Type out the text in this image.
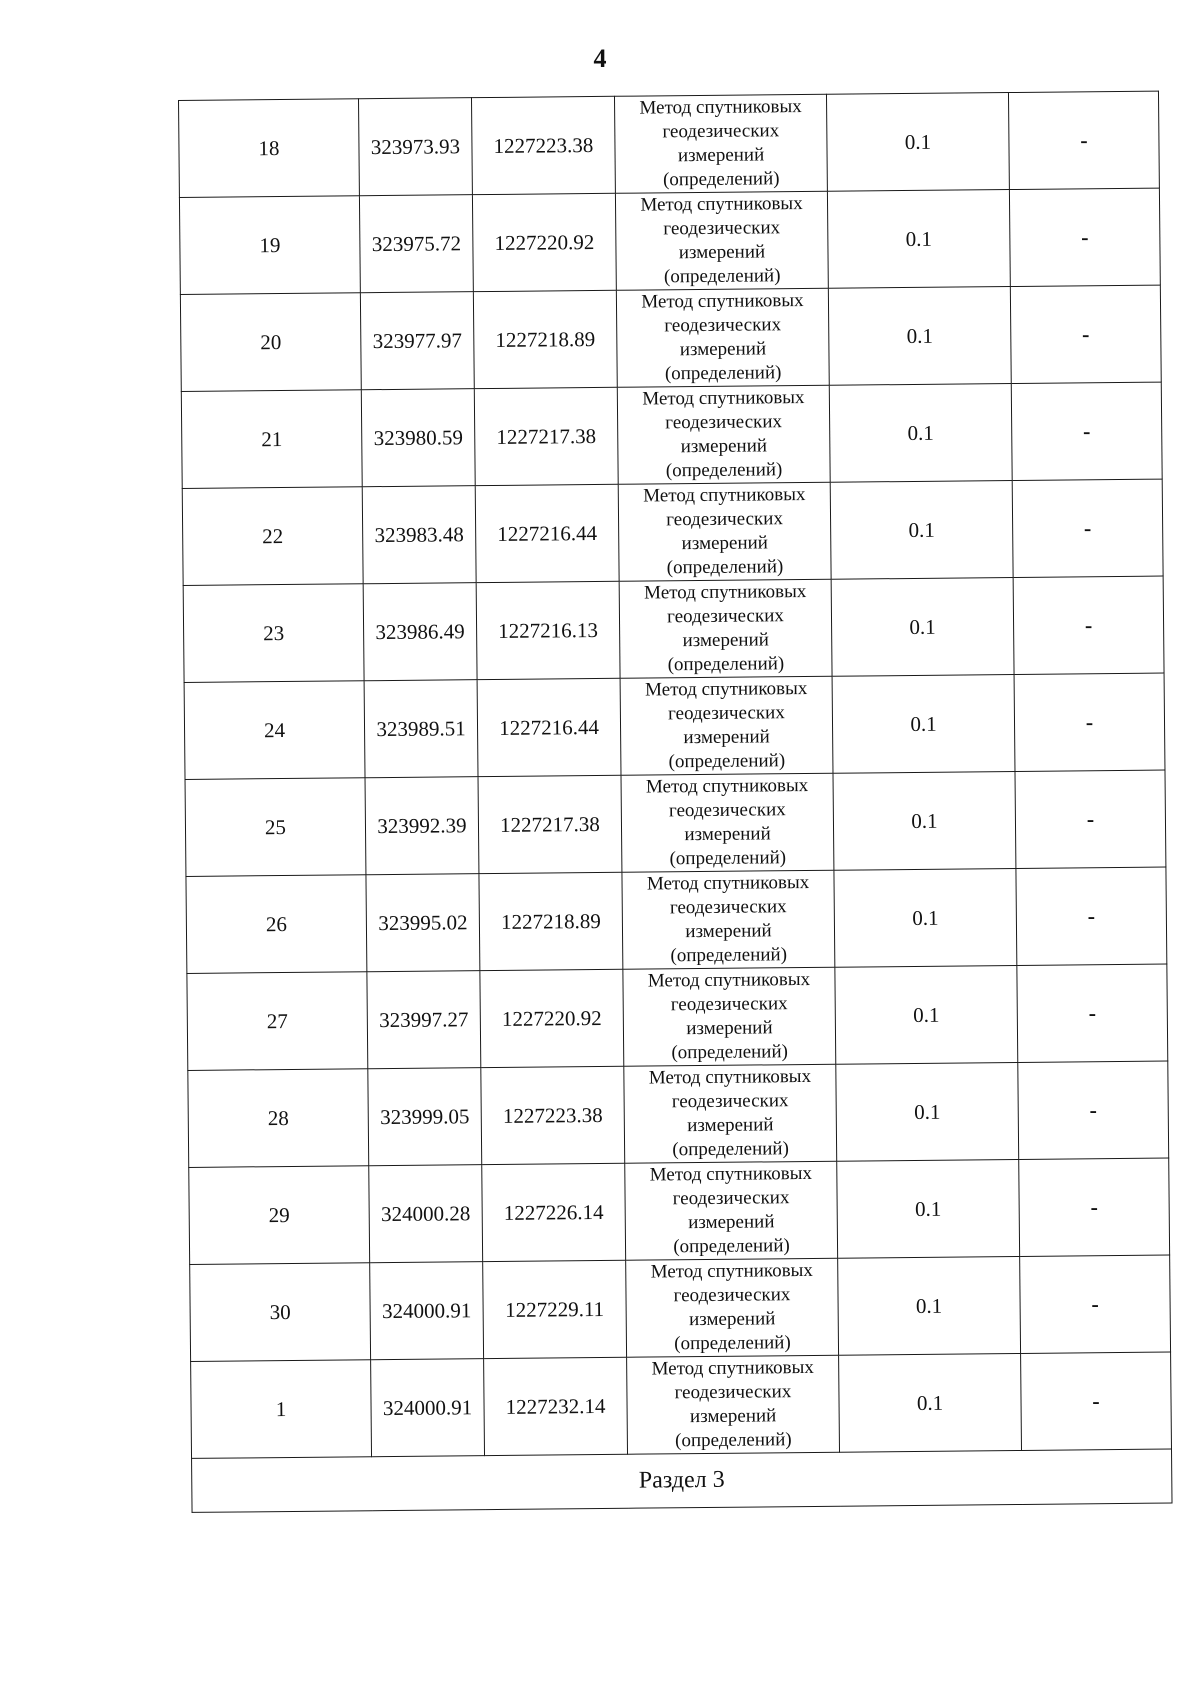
4
18	323973.93	1227223.38	Метод спутниковых
геодезических
измерений
(определений)	0.1	-
19	323975.72	1227220.92	Метод спутниковых
геодезических
измерений
(определений)	0.1	-
20	323977.97	1227218.89	Метод спутниковых
геодезических
измерений
(определений)	0.1	-
21	323980.59	1227217.38	Метод спутниковых
геодезических
измерений
(определений)	0.1	-
22	323983.48	1227216.44	Метод спутниковых
геодезических
измерений
(определений)	0.1	-
23	323986.49	1227216.13	Метод спутниковых
геодезических
измерений
(определений)	0.1	-
24	323989.51	1227216.44	Метод спутниковых
геодезических
измерений
(определений)	0.1	-
25	323992.39	1227217.38	Метод спутниковых
геодезических
измерений
(определений)	0.1	-
26	323995.02	1227218.89	Метод спутниковых
геодезических
измерений
(определений)	0.1	-
27	323997.27	1227220.92	Метод спутниковых
геодезических
измерений
(определений)	0.1	-
28	323999.05	1227223.38	Метод спутниковых
геодезических
измерений
(определений)	0.1	-
29	324000.28	1227226.14	Метод спутниковых
геодезических
измерений
(определений)	0.1	-
30	324000.91	1227229.11	Метод спутниковых
геодезических
измерений
(определений)	0.1	-
1	324000.91	1227232.14	Метод спутниковых
геодезических
измерений
(определений)	0.1	-
Раздел 3					
